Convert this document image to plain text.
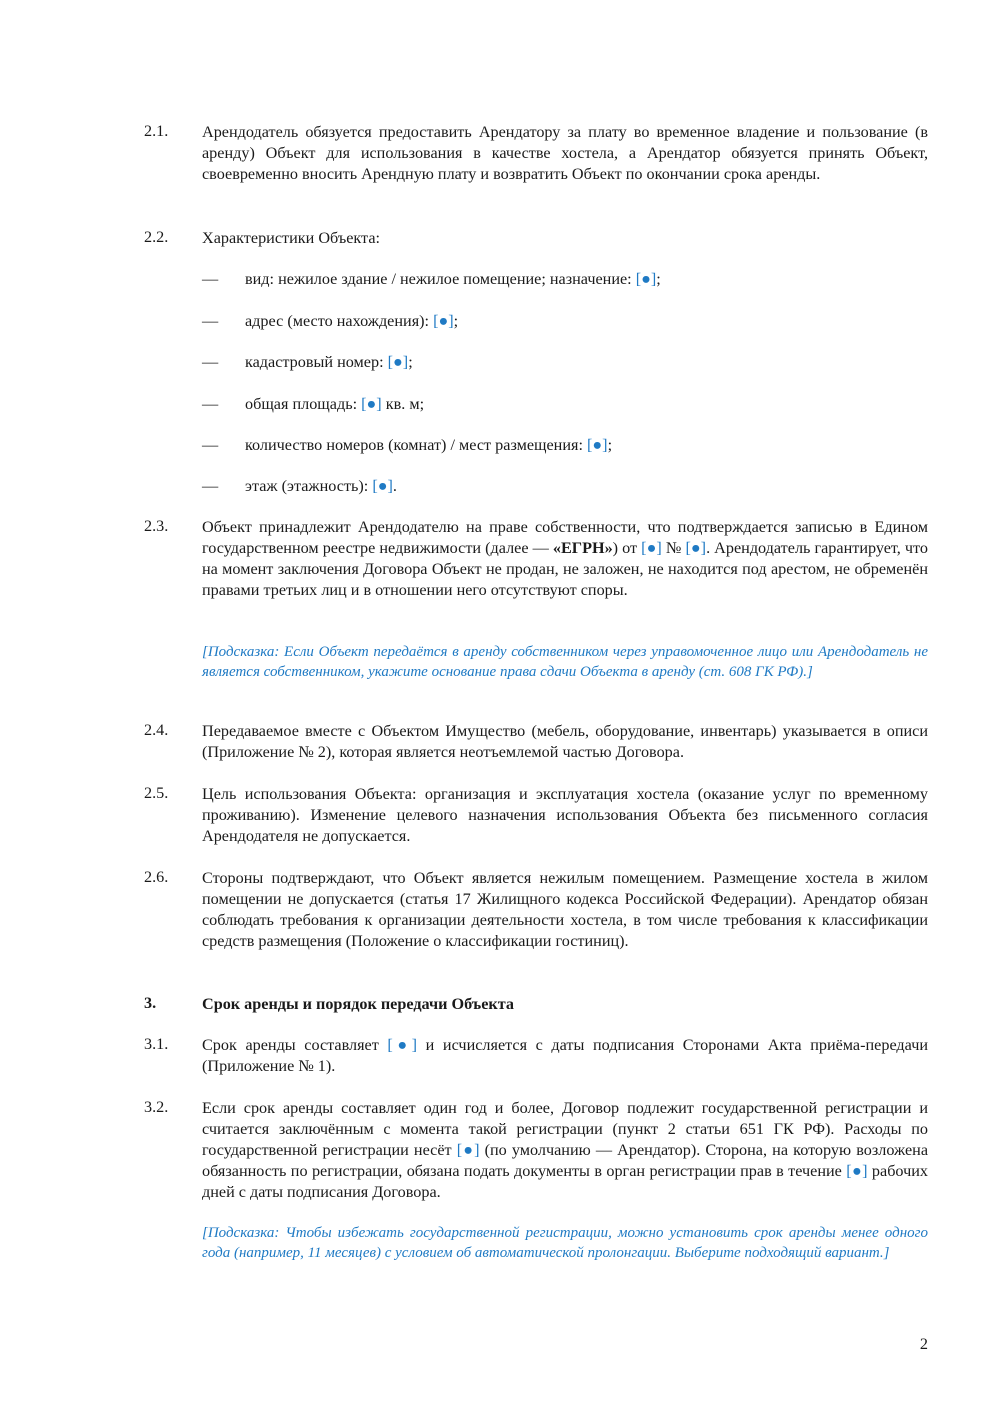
2.1. Арендодатель обязуется предоставить Арендатору за плату во временное владение и пользование (в аренду) Объект для использования в качестве хостела, а Арендатор обязуется принять Объект, своевременно вносить Арендную плату и возвратить Объект по окончании срока аренды.
2.2. Характеристики Объекта:
— вид: нежилое здание / нежилое помещение; назначение: [●];
— адрес (место нахождения): [●];
— кадастровый номер: [●];
— общая площадь: [●] кв. м;
— количество номеров (комнат) / мест размещения: [●];
— этаж (этажность): [●].
2.3. Объект принадлежит Арендодателю на праве собственности, что подтверждается записью в Едином государственном реестре недвижимости (далее — «ЕГРН») от [●] № [●]. Арендодатель гарантирует, что на момент заключения Договора Объект не продан, не заложен, не находится под арестом, не обременён правами третьих лиц и в отношении него отсутствуют споры.
[Подсказка: Если Объект передаётся в аренду собственником через управомоченное лицо или Арендодатель не является собственником, укажите основание права сдачи Объекта в аренду (ст. 608 ГК РФ).]
2.4. Передаваемое вместе с Объектом Имущество (мебель, оборудование, инвентарь) указывается в описи (Приложение № 2), которая является неотъемлемой частью Договора.
2.5. Цель использования Объекта: организация и эксплуатация хостела (оказание услуг по временному проживанию). Изменение целевого назначения использования Объекта без письменного согласия Арендодателя не допускается.
2.6. Стороны подтверждают, что Объект является нежилым помещением. Размещение хостела в жилом помещении не допускается (статья 17 Жилищного кодекса Российской Федерации). Арендатор обязан соблюдать требования к организации деятельности хостела, в том числе требования к классификации средств размещения (Положение о классификации гостиниц).
3.	Срок аренды и порядок передачи Объекта
3.1. Срок аренды составляет [●] и исчисляется с даты подписания Сторонами Акта приёма-передачи (Приложение № 1).
3.2. Если срок аренды составляет один год и более, Договор подлежит государственной регистрации и считается заключённым с момента такой регистрации (пункт 2 статьи 651 ГК РФ). Расходы по государственной регистрации несёт [●] (по умолчанию — Арендатор). Сторона, на которую возложена обязанность по регистрации, обязана подать документы в орган регистрации прав в течение [●] рабочих дней с даты подписания Договора.
[Подсказка: Чтобы избежать государственной регистрации, можно установить срок аренды менее одного года (например, 11 месяцев) с условием об автоматической пролонгации. Выберите подходящий вариант.]
2
